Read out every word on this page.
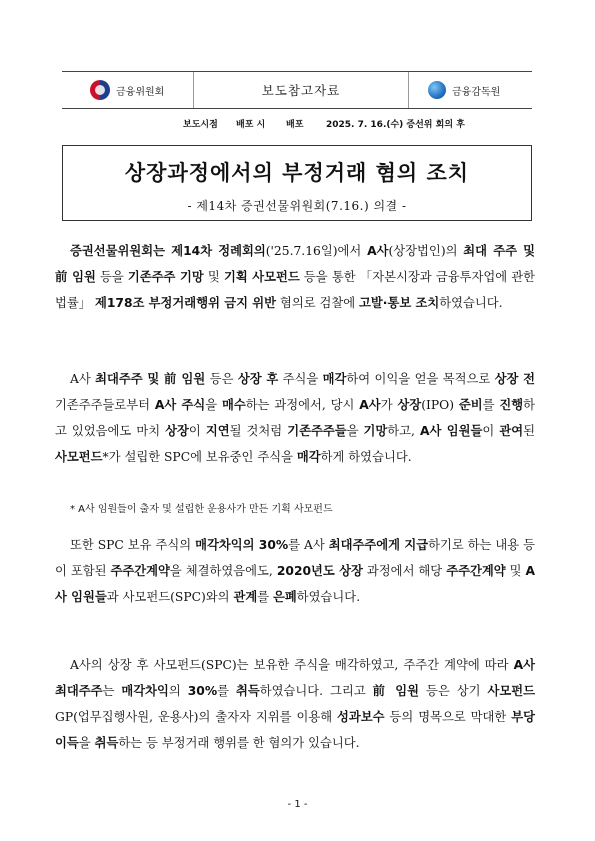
금융위원회	보도참고자료	금융감독원
보도시점	배포 시	배포	2025. 7. 16.(수) 증선위 회의 후
상장과정에서의 부정거래 혐의 조치
- 제14차 증권선물위원회(7.16.) 의결 -
증권선물위원회는 제14차 정례회의('25.7.16일)에서 A사(상장법인)의 최대 주주 및 前 임원 등을 기존주주 기망 및 기획 사모펀드 등을 통한 「자본시장과 금융투자업에 관한 법률」 제178조 부정거래행위 금지 위반 혐의로 검찰에 고발·통보 조치하였습니다.
A사 최대주주 및 前 임원 등은 상장 후 주식을 매각하여 이익을 얻을 목적으로 상장 전 기존주주들로부터 A사 주식을 매수하는 과정에서, 당시 A사가 상장(IPO) 준비를 진행하고 있었음에도 마치 상장이 지연될 것처럼 기존주주들을 기망하고, A사 임원들이 관여된 사모펀드*가 설립한 SPC에 보유중인 주식을 매각하게 하였습니다.
* A사 임원들이 출자 및 설립한 운용사가 만든 기획 사모펀드
또한 SPC 보유 주식의 매각차익의 30%를 A사 최대주주에게 지급하기로 하는 내용 등이 포함된 주주간계약을 체결하였음에도, 2020년도 상장 과정에서 해당 주주간계약 및 A사 임원들과 사모펀드(SPC)와의 관계를 은폐하였습니다.
A사의 상장 후 사모펀드(SPC)는 보유한 주식을 매각하였고, 주주간 계약에 따라 A사 최대주주는 매각차익의 30%를 취득하였습니다. 그리고 前 임원 등은 상기 사모펀드 GP(업무집행사원, 운용사)의 출자자 지위를 이용해 성과보수 등의 명목으로 막대한 부당이득을 취득하는 등 부정거래 행위를 한 혐의가 있습니다.
- 1 -
